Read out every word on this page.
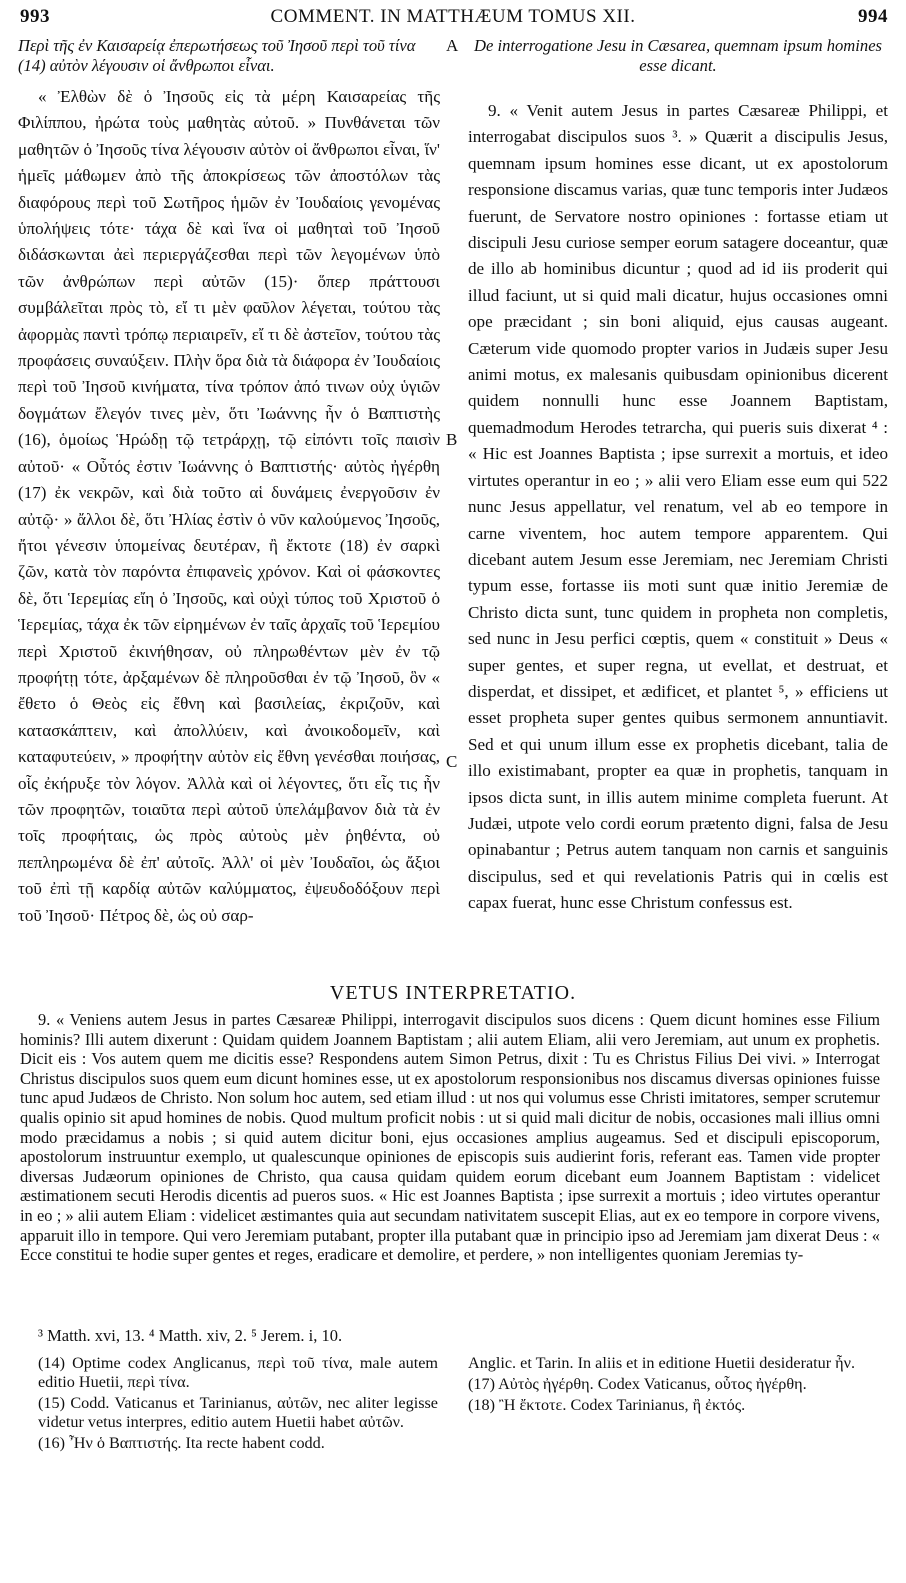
993	COMMENT. IN MATTHÆUM TOMUS XII.	994

Περὶ τῆς ἐν Καισαρείᾳ ἐπερωτήσεως τοῦ Ἰησοῦ περὶ τοῦ τίνα (14) αὐτὸν λέγουσιν οἱ ἄνθρωποι εἶναι.

« Ἐλθὼν δὲ ὁ Ἰησοῦς εἰς τὰ μέρη Καισαρείας τῆς Φιλίππου, ἠρώτα τοὺς μαθητὰς αὐτοῦ. » Πυνθάνεται τῶν μαθητῶν ὁ Ἰησοῦς τίνα λέγουσιν αὐτὸν οἱ ἄνθρωποι εἶναι, ἵν' ἡμεῖς μάθωμεν ἀπὸ τῆς ἀποκρίσεως τῶν ἀποστόλων τὰς διαφόρους περὶ τοῦ Σωτῆρος ἡμῶν ἐν Ἰουδαίοις γενομένας ὑπολήψεις τότε· τάχα δὲ καὶ ἵνα οἱ μαθηταὶ τοῦ Ἰησοῦ διδάσκωνται ἀεὶ περιεργάζεσθαι περὶ τῶν λεγομένων ὑπὸ τῶν ἀνθρώπων περὶ αὐτῶν (15)· ὅπερ πράττουσι συμβάλεῖται πρὸς τὸ, εἴ τι μὲν φαῦλον λέγεται, τούτου τὰς ἀφορμὰς παντὶ τρόπῳ περιαιρεῖν, εἴ τι δὲ ἀστεῖον, τούτου τὰς προφάσεις συναύξειν. Πλὴν ὅρα διὰ τὰ διάφορα ἐν Ἰουδαίοις περὶ τοῦ Ἰησοῦ κινήματα, τίνα τρόπον ἀπό τινων οὐχ ὑγιῶν δογμάτων ἔλεγόν τινες μὲν, ὅτι Ἰωάννης ἦν ὁ Βαπτιστὴς (16), ὁμοίως Ἡρώδῃ τῷ τετράρχῃ, τῷ εἰπόντι τοῖς παισὶν αὐτοῦ· « Οὗτός ἐστιν Ἰωάννης ὁ Βαπτιστής· αὐτὸς ἠγέρθη (17) ἐκ νεκρῶν, καὶ διὰ τοῦτο αἱ δυνάμεις ἐνεργοῦσιν ἐν αὐτῷ· » ἄλλοι δὲ, ὅτι Ἠλίας ἐστὶν ὁ νῦν καλούμενος Ἰησοῦς, ἤτοι γένεσιν ὑπομείνας δευτέραν, ἢ ἔκτοτε (18) ἐν σαρκὶ ζῶν, κατὰ τὸν παρόντα ἐπιφανεὶς χρόνον. Καὶ οἱ φάσκοντες δὲ, ὅτι Ἱερεμίας εἴη ὁ Ἰησοῦς, καὶ οὐχὶ τύπος τοῦ Χριστοῦ ὁ Ἱερεμίας, τάχα ἐκ τῶν εἰρημένων ἐν ταῖς ἀρχαῖς τοῦ Ἱερεμίου περὶ Χριστοῦ ἐκινήθησαν, οὐ πληρωθέντων μὲν ἐν τῷ προφήτῃ τότε, ἀρξαμένων δὲ πληροῦσθαι ἐν τῷ Ἰησοῦ, ὃν « ἔθετο ὁ Θεὸς εἰς ἔθνη καὶ βασιλείας, ἐκριζοῦν, καὶ κατασκάπτειν, καὶ ἀπολλύειν, καὶ ἀνοικοδομεῖν, καὶ καταφυτεύειν, » προφήτην αὐτὸν εἰς ἔθνη γενέσθαι ποιήσας, οἷς ἐκήρυξε τὸν λόγον. Ἀλλὰ καὶ οἱ λέγοντες, ὅτι εἷς τις ἦν τῶν προφητῶν, τοιαῦτα περὶ αὐτοῦ ὑπελάμβανον διὰ τὰ ἐν τοῖς προφήταις, ὡς πρὸς αὐτοὺς μὲν ῥηθέντα, οὐ πεπληρωμένα δὲ ἐπ' αὐτοῖς. Ἀλλ' οἱ μὲν Ἰουδαῖοι, ὡς ἄξιοι τοῦ ἐπὶ τῇ καρδίᾳ αὐτῶν καλύμματος, ἐψευδοδόξουν περὶ τοῦ Ἰησοῦ· Πέτρος δὲ, ὡς οὐ σαρ-

A
B
C

De interrogatione Jesu in Cæsarea, quemnam ipsum homines esse dicant.

9. « Venit autem Jesus in partes Cæsareæ Philippi, et interrogabat discipulos suos ³. » Quærit a discipulis Jesus, quemnam ipsum homines esse dicant, ut ex apostolorum responsione discamus varias, quæ tunc temporis inter Judæos fuerunt, de Servatore nostro opiniones : fortasse etiam ut discipuli Jesu curiose semper eorum satagere doceantur, quæ de illo ab hominibus dicuntur ; quod ad id iis proderit qui illud faciunt, ut si quid mali dicatur, hujus occasiones omni ope præcidant ; sin boni aliquid, ejus causas augeant. Cæterum vide quomodo propter varios in Judæis super Jesu animi motus, ex malesanis quibusdam opinionibus dicerent quidem nonnulli hunc esse Joannem Baptistam, quemadmodum Herodes tetrarcha, qui pueris suis dixerat ⁴ : « Hic est Joannes Baptista ; ipse surrexit a mortuis, et ideo virtutes operantur in eo ; » alii vero Eliam esse eum qui 522 nunc Jesus appellatur, vel renatum, vel ab eo tempore in carne viventem, hoc autem tempore apparentem. Qui dicebant autem Jesum esse Jeremiam, nec Jeremiam Christi typum esse, fortasse iis moti sunt quæ initio Jeremiæ de Christo dicta sunt, tunc quidem in propheta non completis, sed nunc in Jesu perfici cœptis, quem « constituit » Deus « super gentes, et super regna, ut evellat, et destruat, et disperdat, et dissipet, et ædificet, et plantet ⁵, » efficiens ut esset propheta super gentes quibus sermonem annuntiavit. Sed et qui unum illum esse ex prophetis dicebant, talia de illo existimabant, propter ea quæ in prophetis, tanquam in ipsos dicta sunt, in illis autem minime completa fuerunt. At Judæi, utpote velo cordi eorum prætento digni, falsa de Jesu opinabantur ; Petrus autem tanquam non carnis et sanguinis discipulus, sed et qui revelationis Patris qui in cœlis est capax fuerat, hunc esse Christum confessus est.

VETUS INTERPRETATIO.

9. « Veniens autem Jesus in partes Cæsareæ Philippi, interrogavit discipulos suos dicens : Quem dicunt homines esse Filium hominis? Illi autem dixerunt : Quidam quidem Joannem Baptistam ; alii autem Eliam, alii vero Jeremiam, aut unum ex prophetis. Dicit eis : Vos autem quem me dicitis esse? Respondens autem Simon Petrus, dixit : Tu es Christus Filius Dei vivi. » Interrogat Christus discipulos suos quem eum dicunt homines esse, ut ex apostolorum responsionibus nos discamus diversas opiniones fuisse tunc apud Judæos de Christo. Non solum hoc autem, sed etiam illud : ut nos qui volumus esse Christi imitatores, semper scrutemur qualis opinio sit apud homines de nobis. Quod multum proficit nobis : ut si quid mali dicitur de nobis, occasiones mali illius omni modo præcidamus a nobis ; si quid autem dicitur boni, ejus occasiones amplius augeamus. Sed et discipuli episcoporum, apostolorum instruuntur exemplo, ut qualescunque opiniones de episcopis suis audierint foris, referant eas. Tamen vide propter diversas Judæorum opiniones de Christo, qua causa quidam quidem eorum dicebant eum Joannem Baptistam : videlicet æstimationem secuti Herodis dicentis ad pueros suos. « Hic est Joannes Baptista ; ipse surrexit a mortuis ; ideo virtutes operantur in eo ; » alii autem Eliam : videlicet æstimantes quia aut secundam nativitatem suscepit Elias, aut ex eo tempore in corpore vivens, apparuit illo in tempore. Qui vero Jeremiam putabant, propter illa putabant quæ in principio ipso ad Jeremiam jam dixerat Deus : « Ecce constitui te hodie super gentes et reges, eradicare et demolire, et perdere, » non intelligentes quoniam Jeremias ty-

³ Matth. xvi, 13. ⁴ Matth. xiv, 2. ⁵ Jerem. i, 10.

(14) Optime codex Anglicanus, περὶ τοῦ τίνα, male autem editio Huetii, περὶ τίνα.

(15) Codd. Vaticanus et Tarinianus, αὐτῶν, nec aliter legisse videtur vetus interpres, editio autem Huetii habet αὐτῶν.

(16) Ἦν ὁ Βαπτιστής. Ita recte habent codd.

Anglic. et Tarin. In aliis et in editione Huetii desideratur ἦν.

(17) Αὐτὸς ἠγέρθη. Codex Vaticanus, οὗτος ἠγέρθη.

(18) Ἢ ἔκτοτε. Codex Tarinianus, ἢ ἐκτός.
